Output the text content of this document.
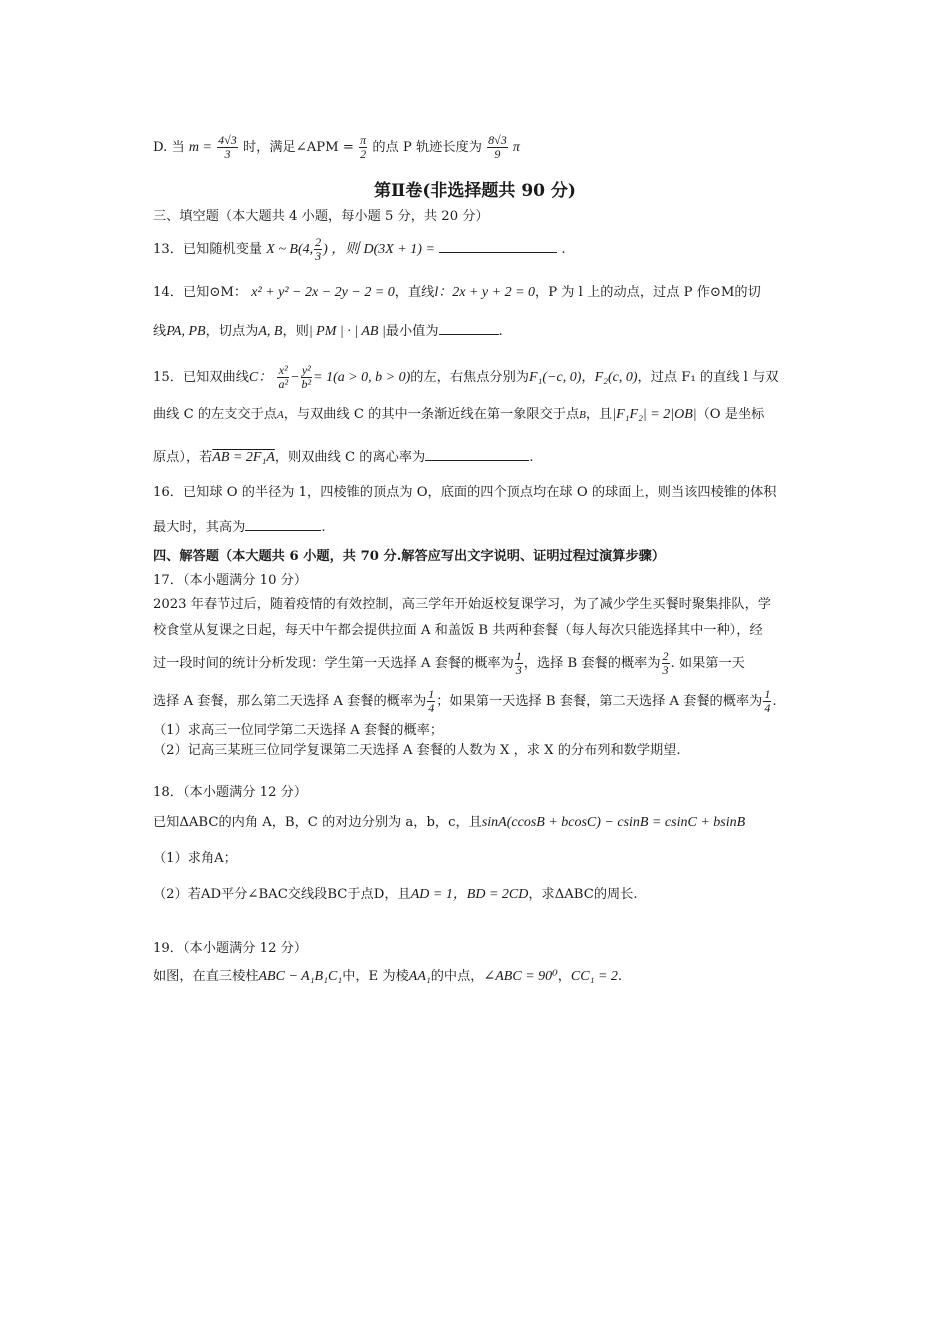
D. 当 $m = \frac{4√3}{3}$ 时，满足∠APM = $\frac{\pi}{2}$ 的点 P 轨迹长度为 $\frac{8√3}{9}$ π
第Ⅱ卷(非选择题共 90 分)
三、填空题（本大题共 4 小题，每小题 5 分，共 20 分）
13．已知随机变量 X ~ B(4, $\frac{2}{3}$ ) ，则 D(3X + 1) =	.
14．已知⊙M： x² + y² − 2x − 2y − 2 = 0，直线l：2x + y + 2 = 0，P 为 l 上的动点，过点 P 作⊙M的切
线PA, PB，切点为A, B，则| PM | · | AB |最小值为	.
15．已知双曲线C： $\frac{\text{x²}}{\text{a²}} - \frac{\text{y²}}{\text{b²}} = 1(a > 0$, b > 0)的左，右焦点分别为F₁(−c, 0)，F₂(c, 0)，过点 F₁ 的直线 l 与双
曲线 C 的左支交于点A，与双曲线 C 的其中一条渐近线在第一象限交于点B，且|F₁F₂| = 2|OB|（O 是坐标
原点），若AB = 2F₁A，则双曲线 C 的离心率为	.
16．已知球 O 的半径为 1，四棱锥的顶点为 O，底面的四个顶点均在球 O 的球面上，则当该四棱锥的体积
最大时，其高为	.
四、解答题（本大题共 6 小题，共 70 分.解答应写出文字说明、证明过程过演算步骤）
17．（本小题满分 10 分）
2023 年春节过后，随着疫情的有效控制，高三学年开始返校复课学习，为了减少学生买餐时聚集排队，学
校食堂从复课之日起，每天中午都会提供拉面 A 和盖饭 B 共两种套餐（每人每次只能选择其中一种），经
过一段时间的统计分析发现：学生第一天选择 A 套餐的概率为 $\frac{1}{3}$ ，选择 B 套餐的概率为 $\frac{2}{3}$ . 如果第一天
选择 A 套餐，那么第二天选择 A 套餐的概率为 $\frac{1}{4}$ ；如果第一天选择 B 套餐，第二天选择 A 套餐的概率为 $\frac{1}{4}$ .
（1）求高三一位同学第二天选择 A 套餐的概率；
（2）记高三某班三位同学复课第二天选择 A 套餐的人数为 X ，求 X 的分布列和数学期望.
18．（本小题满分 12 分）
已知ΔABC的内角 A，B，C 的对边分别为 a，b，c，且sinA(ccosB + bcosC) − csinB = csinC + bsinB
（1）求角A；
（2）若AD平分∠BAC交线段BC于点D，且AD = 1，BD = 2CD，求ΔABC的周长.
19．（本小题满分 12 分）
如图，在直三棱柱ABC − A₁B₁C₁中，E 为棱AA₁的中点，∠ABC = 90⁰，CC₁ = 2.
